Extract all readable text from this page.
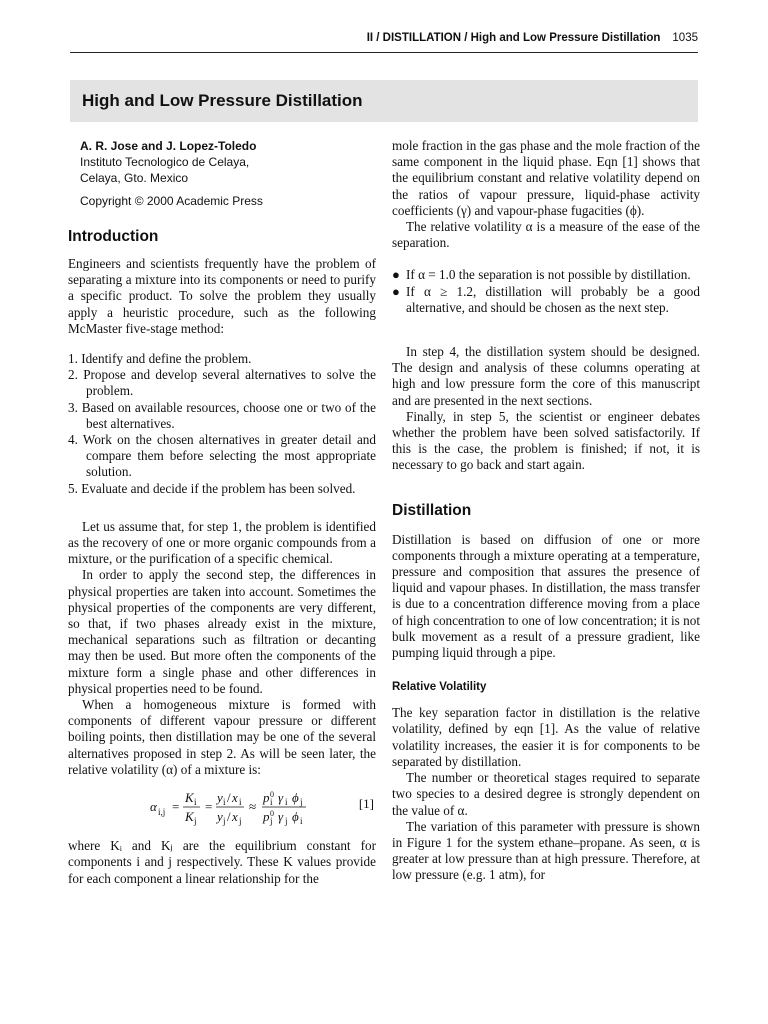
II / DISTILLATION / High and Low Pressure Distillation 1035
High and Low Pressure Distillation
A. R. Jose and J. Lopez-Toledo
Instituto Tecnologico de Celaya,
Celaya, Gto. Mexico
Copyright © 2000 Academic Press
Introduction

Engineers and scientists frequently have the problem of separating a mixture into its components or need to purify a specific product. To solve the problem they usually apply a heuristic procedure, such as the following McMaster five-stage method:

1. Identify and define the problem.
2. Propose and develop several alternatives to solve the problem.
3. Based on available resources, choose one or two of the best alternatives.
4. Work on the chosen alternatives in greater detail and compare them before selecting the most appropriate solution.
5. Evaluate and decide if the problem has been solved.

Let us assume that, for step 1, the problem is identified as the recovery of one or more organic compounds from a mixture, or the purification of a specific chemical.

In order to apply the second step, the differences in physical properties are taken into account. Sometimes the physical properties of the components are very different, so that, if two phases already exist in the mixture, mechanical separations such as filtration or decanting may then be used. But more often the components of the mixture form a single phase and other differences in physical properties need to be found.

When a homogeneous mixture is formed with components of different vapour pressure or different boiling points, then distillation may be one of the several alternatives proposed in step 2. As will be seen later, the relative volatility (α) of a mixture is:

α i,j =
K i
K j
=
y i / x i
y j / x j
≈
p 0
i γ i ϕ j
p 0
j γ j ϕ i
[1]

where Kᵢ and Kⱼ are the equilibrium constant for components i and j respectively. These K values provide for each component a linear relationship for the

mole fraction in the gas phase and the mole fraction of the same component in the liquid phase. Eqn [1] shows that the equilibrium constant and relative volatility depend on the ratios of vapour pressure, liquid-phase activity coefficients (γ) and vapour-phase fugacities (ϕ).

The relative volatility α is a measure of the ease of the separation.

● If α = 1.0 the separation is not possible by distillation.
● If α ≥ 1.2, distillation will probably be a good alternative, and should be chosen as the next step.

In step 4, the distillation system should be designed. The design and analysis of these columns operating at high and low pressure form the core of this manuscript and are presented in the next sections.

Finally, in step 5, the scientist or engineer debates whether the problem have been solved satisfactorily. If this is the case, the problem is finished; if not, it is necessary to go back and start again.

Distillation

Distillation is based on diffusion of one or more components through a mixture operating at a temperature, pressure and composition that assures the presence of liquid and vapour phases. In distillation, the mass transfer is due to a concentration difference moving from a place of high concentration to one of low concentration; it is not bulk movement as a result of a pressure gradient, like pumping liquid through a pipe.

Relative Volatility

The key separation factor in distillation is the relative volatility, defined by eqn [1]. As the value of relative volatility increases, the easier it is for components to be separated by distillation.

The number or theoretical stages required to separate two species to a desired degree is strongly dependent on the value of α.

The variation of this parameter with pressure is shown in Figure 1 for the system ethane–propane. As seen, α is greater at low pressure than at high pressure. Therefore, at low pressure (e.g. 1 atm), for
